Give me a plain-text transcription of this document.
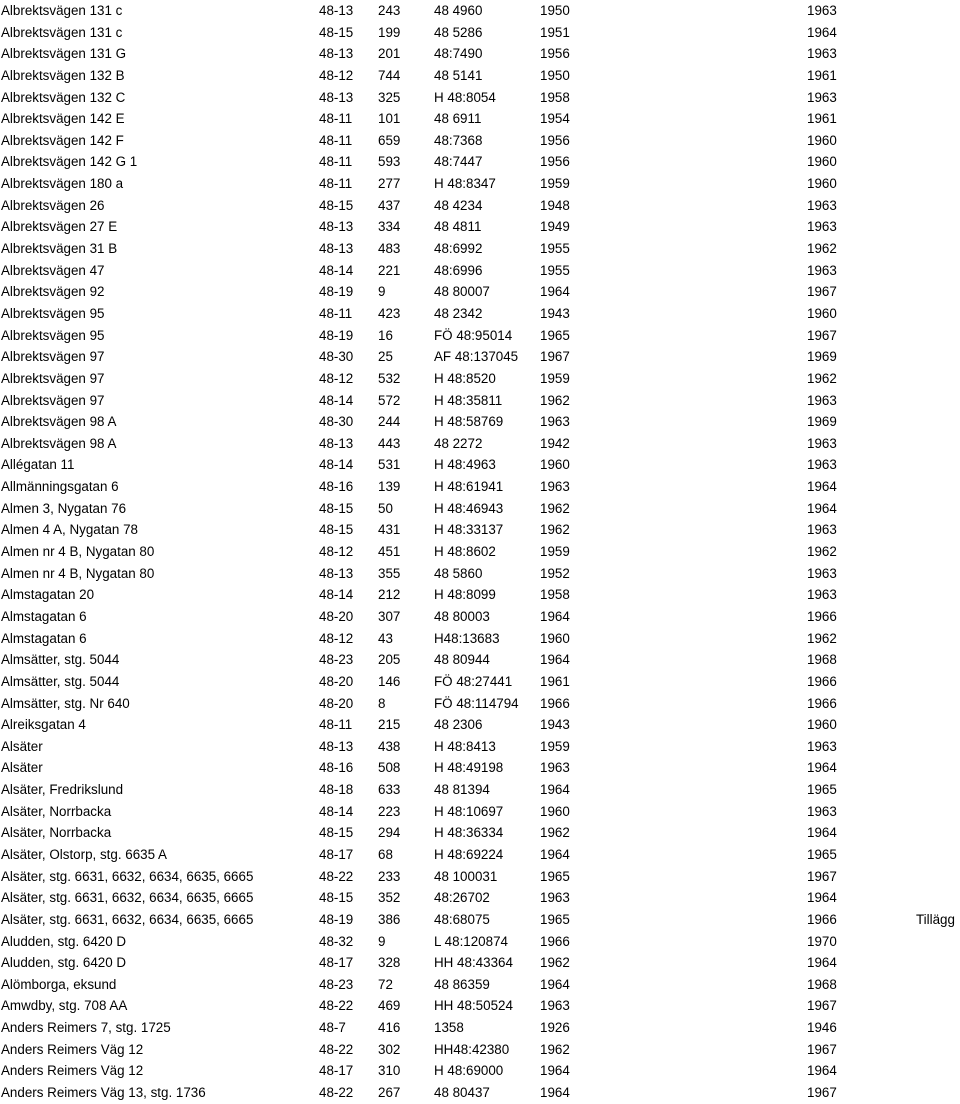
Albrektsvägen 131 c	48-13 243	48 4960	1950	1963
Albrektsvägen 131 c	48-15 199	48 5286	1951	1964
Albrektsvägen 131 G	48-13 201	48:7490	1956	1963
Albrektsvägen 132 B	48-12 744	48 5141	1950	1961
Albrektsvägen 132 C	48-13 325	H 48:8054	1958	1963
Albrektsvägen 142 E	48-11 101	48 6911	1954	1961
Albrektsvägen 142 F	48-11 659	48:7368	1956	1960
Albrektsvägen 142 G 1	48-11 593	48:7447	1956	1960
Albrektsvägen 180 a	48-11 277	H 48:8347	1959	1960
Albrektsvägen 26	48-15 437	48 4234	1948	1963
Albrektsvägen 27 E	48-13 334	48 4811	1949	1963
Albrektsvägen 31 B	48-13 483	48:6992	1955	1962
Albrektsvägen 47	48-14 221	48:6996	1955	1963
Albrektsvägen 92	48-19 9	48 80007	1964	1967
Albrektsvägen 95	48-11 423	48 2342	1943	1960
Albrektsvägen 95	48-19 16	FÖ 48:95014 1965	1967
Albrektsvägen 97	48-30 25	AF 48:137045 1967	1969
Albrektsvägen 97	48-12 532	H 48:8520	1959	1962
Albrektsvägen 97	48-14 572	H 48:35811	1962	1963
Albrektsvägen 98 A	48-30 244	H 48:58769	1963	1969
Albrektsvägen 98 A	48-13 443	48 2272	1942	1963
Allégatan 11	48-14 531	H 48:4963	1960	1963
Allmänningsgatan 6	48-16 139	H 48:61941	1963	1964
Almen 3, Nygatan 76	48-15 50	H 48:46943	1962	1964
Almen 4 A, Nygatan 78	48-15 431	H 48:33137	1962	1963
Almen nr 4 B, Nygatan 80	48-12 451	H 48:8602	1959	1962
Almen nr 4 B, Nygatan 80	48-13 355	48 5860	1952	1963
Almstagatan 20	48-14 212	H 48:8099	1958	1963
Almstagatan 6	48-20 307	48 80003	1964	1966
Almstagatan 6	48-12 43	H48:13683	1960	1962
Almsätter, stg. 5044	48-23 205	48 80944	1964	1968
Almsätter, stg. 5044	48-20 146	FÖ 48:27441 1961	1966
Almsätter, stg. Nr 640	48-20 8	FÖ 48:114794 1966	1966
Alreiksgatan 4	48-11 215	48 2306	1943	1960
Alsäter	48-13 438	H 48:8413	1959	1963
Alsäter	48-16 508	H 48:49198	1963	1964
Alsäter, Fredrikslund	48-18 633	48 81394	1964	1965
Alsäter, Norrbacka	48-14 223	H 48:10697	1960	1963
Alsäter, Norrbacka	48-15 294	H 48:36334	1962	1964
Alsäter, Olstorp, stg. 6635 A	48-17 68	H 48:69224	1964	1965
Alsäter, stg. 6631, 6632, 6634, 6635, 6665	48-22 233	48 100031	1965	1967
Alsäter, stg. 6631, 6632, 6634, 6635, 6665	48-15 352	48:26702	1963	1964
Alsäter, stg. 6631, 6632, 6634, 6635, 6665	48-19 386	48:68075	1965	1966	Tillägg
Aludden, stg. 6420 D	48-32 9	L 48:120874 1966	1970
Aludden, stg. 6420 D	48-17 328	HH 48:43364 1962	1964
Alömborga, eksund	48-23 72	48 86359	1964	1968
Amwdby, stg. 708 AA	48-22 469	HH 48:50524 1963	1967
Anders Reimers 7, stg. 1725	48-7 416	1358	1926	1946
Anders Reimers Väg 12	48-22 302	HH48:42380 1962	1967
Anders Reimers Väg 12	48-17 310	H 48:69000	1964	1964
Anders Reimers Väg 13, stg. 1736	48-22 267	48 80437	1964	1967
